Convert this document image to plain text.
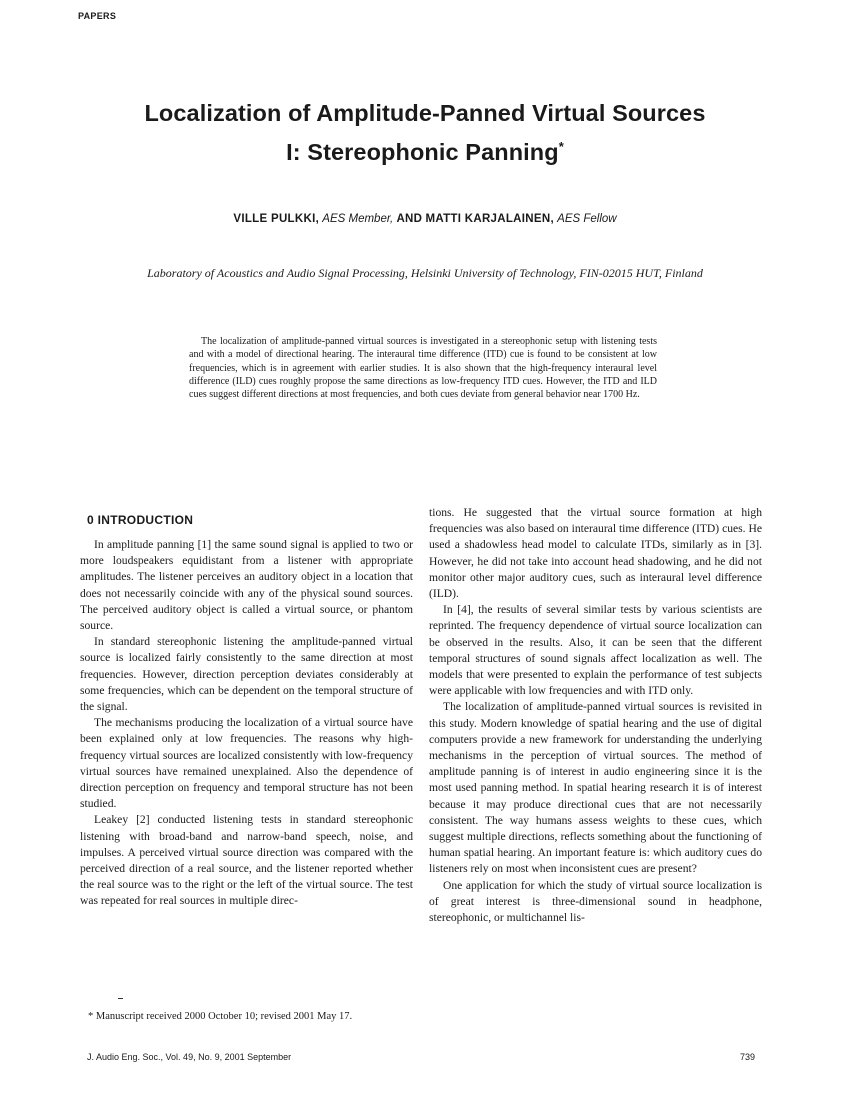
PAPERS
Localization of Amplitude-Panned Virtual Sources
I: Stereophonic Panning*
VILLE PULKKI, AES Member, AND MATTI KARJALAINEN, AES Fellow
Laboratory of Acoustics and Audio Signal Processing, Helsinki University of Technology, FIN-02015 HUT, Finland

The localization of amplitude-panned virtual sources is investigated in a stereophonic setup with listening tests and with a model of directional hearing. The interaural time difference (ITD) cue is found to be consistent at low frequencies, which is in agreement with earlier studies. It is also shown that the high-frequency interaural level difference (ILD) cues roughly propose the same directions as low-frequency ITD cues. However, the ITD and ILD cues suggest different directions at most frequencies, and both cues deviate from general behavior near 1700 Hz.

0 INTRODUCTION

In amplitude panning [1] the same sound signal is applied to two or more loudspeakers equidistant from a listener with appropriate amplitudes. The listener perceives an auditory object in a location that does not necessarily coincide with any of the physical sound sources. The perceived auditory object is called a virtual source, or phantom source.

In standard stereophonic listening the amplitude-panned virtual source is localized fairly consistently to the same direction at most frequencies. However, direction perception deviates considerably at some frequencies, which can be dependent on the temporal structure of the signal.

The mechanisms producing the localization of a virtual source have been explained only at low frequencies. The reasons why high-frequency virtual sources are localized consistently with low-frequency virtual sources have remained unexplained. Also the dependence of direction perception on frequency and temporal structure has not been studied.

Leakey [2] conducted listening tests in standard stereophonic listening with broad-band and narrow-band speech, noise, and impulses. A perceived virtual source direction was compared with the perceived direction of a real source, and the listener reported whether the real source was to the right or the left of the virtual source. The test was repeated for real sources in multiple direc-

tions. He suggested that the virtual source formation at high frequencies was also based on interaural time difference (ITD) cues. He used a shadowless head model to calculate ITDs, similarly as in [3]. However, he did not take into account head shadowing, and he did not monitor other major auditory cues, such as interaural level difference (ILD).

In [4], the results of several similar tests by various scientists are reprinted. The frequency dependence of virtual source localization can be observed in the results. Also, it can be seen that the different temporal structures of sound signals affect localization as well. The models that were presented to explain the performance of test subjects were applicable with low frequencies and with ITD only.

The localization of amplitude-panned virtual sources is revisited in this study. Modern knowledge of spatial hearing and the use of digital computers provide a new framework for understanding the underlying mechanisms in the perception of virtual sources. The method of amplitude panning is of interest in audio engineering since it is the most used panning method. In spatial hearing research it is of interest because it may produce directional cues that are not necessarily consistent. The way humans assess weights to these cues, which suggest multiple directions, reflects something about the functioning of human spatial hearing. An important feature is: which auditory cues do listeners rely on most when inconsistent cues are present?

One application for which the study of virtual source localization is of great interest is three-dimensional sound in headphone, stereophonic, or multichannel lis-

* Manuscript received 2000 October 10; revised 2001 May 17.

J. Audio Eng. Soc., Vol. 49, No. 9, 2001 September	739
